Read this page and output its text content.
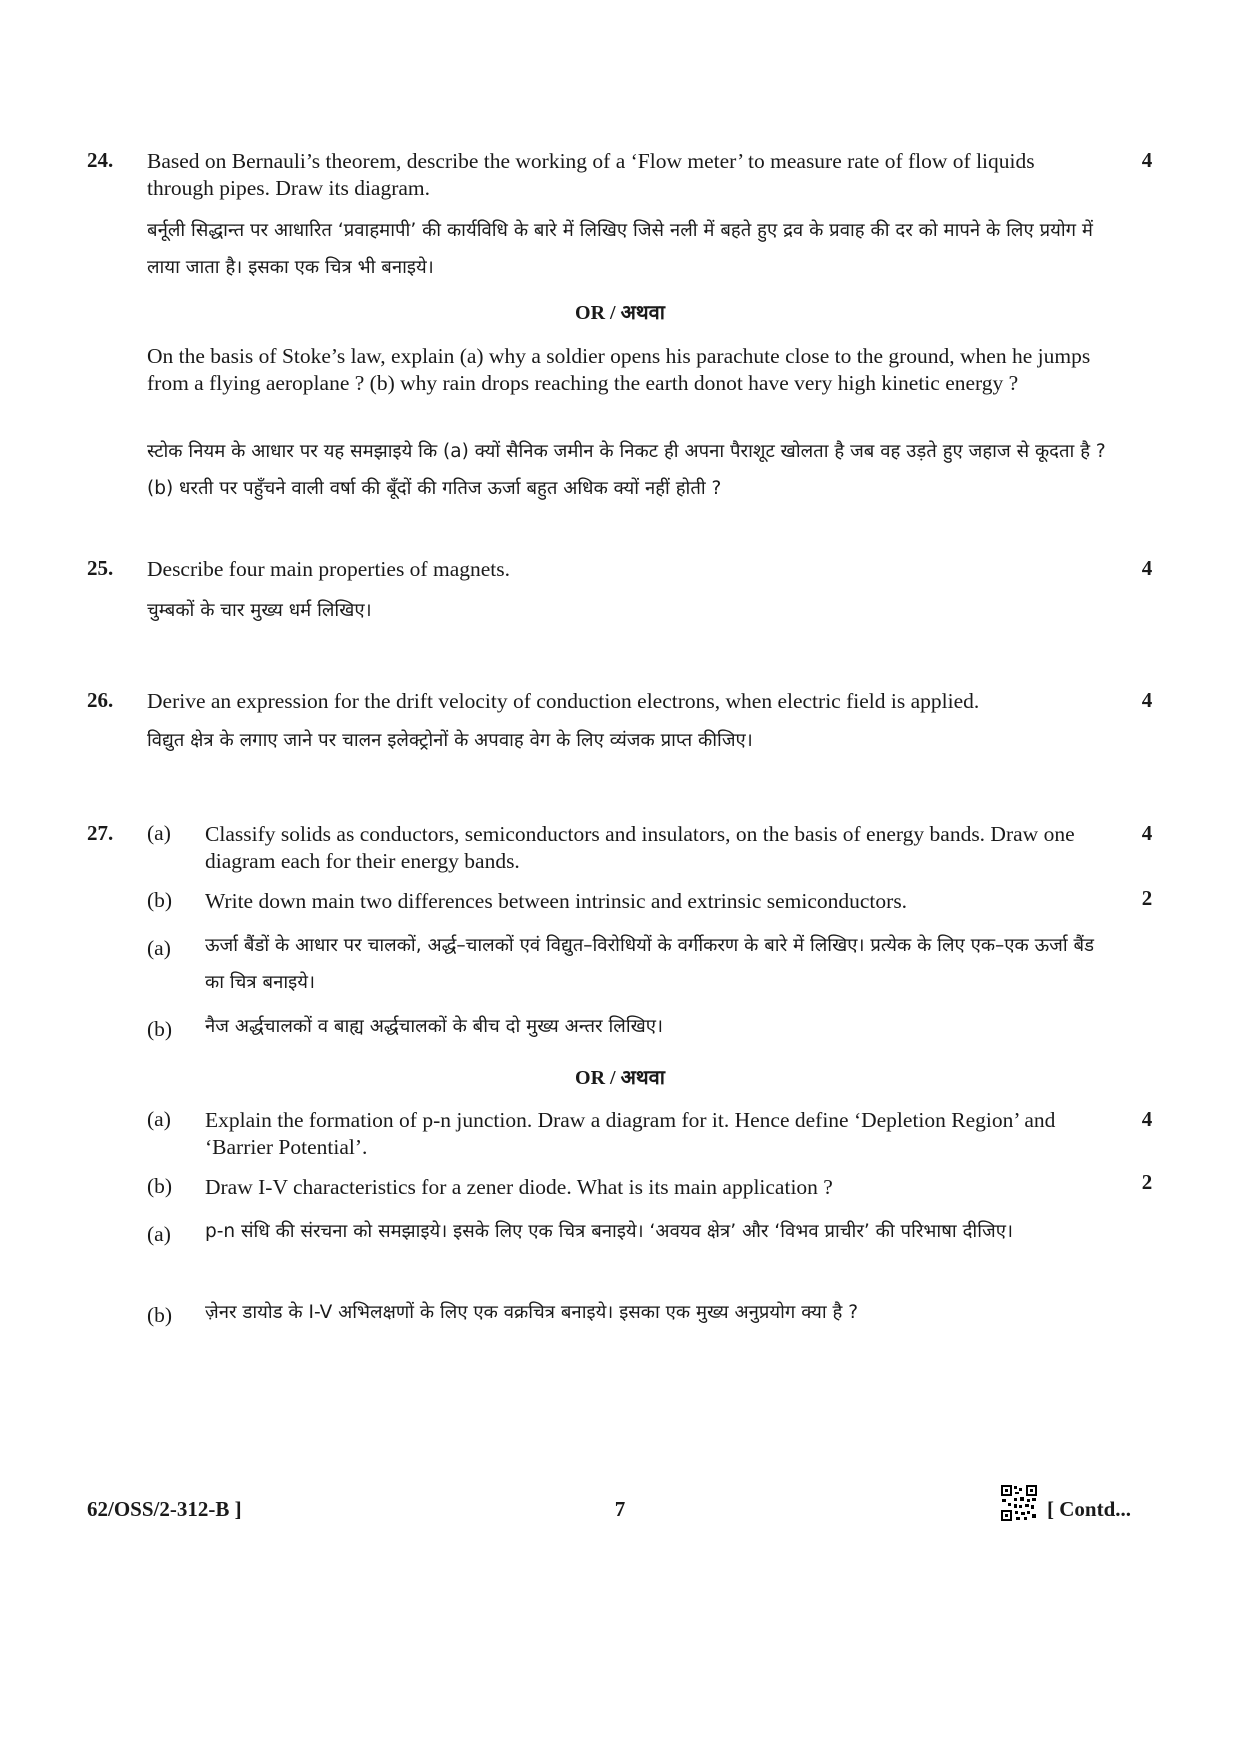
24.	4
Based on Bernauli’s theorem, describe the working of a ‘Flow meter’ to measure rate of flow of liquids through pipes. Draw its diagram.
बर्नूली सिद्धान्त पर आधारित ‘प्रवाहमापी’ की कार्यविधि के बारे में लिखिए जिसे नली में बहते हुए द्रव के प्रवाह की दर को मापने के लिए प्रयोग में लाया जाता है। इसका एक चित्र भी बनाइये।
OR / अथवा
On the basis of Stoke’s law, explain (a) why a soldier opens his parachute close to the ground, when he jumps from a flying aeroplane ? (b) why rain drops reaching the earth donot have very high kinetic energy ?
स्टोक नियम के आधार पर यह समझाइये कि (a) क्यों सैनिक जमीन के निकट ही अपना पैराशूट खोलता है जब वह उड़ते हुए जहाज से कूदता है ? (b) धरती पर पहुँचने वाली वर्षा की बूँदों की गतिज ऊर्जा बहुत अधिक क्यों नहीं होती ?
25.	4
Describe four main properties of magnets.
चुम्बकों के चार मुख्य धर्म लिखिए।
26.	4
Derive an expression for the drift velocity of conduction electrons, when electric field is applied.
विद्युत क्षेत्र के लगाए जाने पर चालन इलेक्ट्रोनों के अपवाह वेग के लिए व्यंजक प्राप्त कीजिए।
27. (a)	4
Classify solids as conductors, semiconductors and insulators, on the basis of energy bands. Draw one diagram each for their energy bands.
(b)	2
Write down main two differences between intrinsic and extrinsic semiconductors.
(a) ऊर्जा बैंडों के आधार पर चालकों, अर्द्ध–चालकों एवं विद्युत–विरोधियों के वर्गीकरण के बारे में लिखिए। प्रत्येक के लिए एक–एक ऊर्जा बैंड का चित्र बनाइये।
(b) नैज अर्द्धचालकों व बाह्य अर्द्धचालकों के बीच दो मुख्य अन्तर लिखिए।
OR / अथवा
(a)	4
Explain the formation of p-n junction. Draw a diagram for it. Hence define ‘Depletion Region’ and ‘Barrier Potential’.
(b)	2
Draw I-V characteristics for a zener diode. What is its main application ?
(a) p-n संधि की संरचना को समझाइये। इसके लिए एक चित्र बनाइये। ‘अवयव क्षेत्र’ और ‘विभव प्राचीर’ की परिभाषा दीजिए।
(b) ज़ेनर डायोड के I-V अभिलक्षणों के लिए एक वक्रचित्र बनाइये। इसका एक मुख्य अनुप्रयोग क्या है ?
62/OSS/2-312-B ]	7	[ Contd...
